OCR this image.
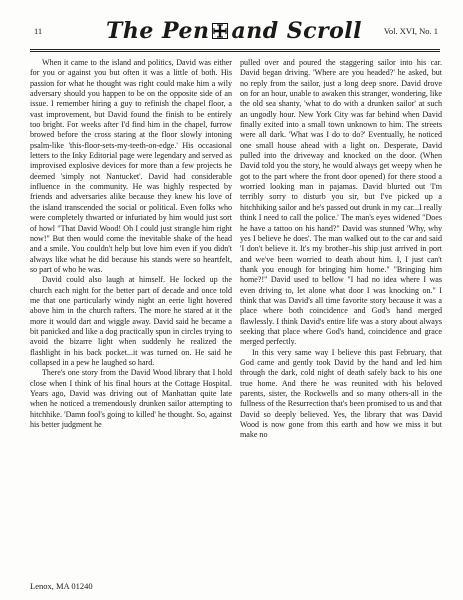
11	The Pen and Scroll	Vol. XVI, No. 1

When it came to the island and politics, David was either for you or against you but often it was a little of both. His passion for what he thought was right could make him a wily adversary should you happen to be on the opposite side of an issue. I remember hiring a guy to refinish the chapel floor, a vast improvement, but David found the finish to be entirely too bright. For weeks after I'd find him in the chapel, furrow browed before the cross staring at the floor slowly intoning psalm-like 'this-floor-sets-my-teeth-on-edge.' His occasional letters to the Inky Editorial page were legendary and served as improvised explosive devices for more than a few projects he deemed 'simply not Nantucket'. David had considerable influence in the community. He was highly respected by friends and adversaries alike because they knew his love of the island transcended the social or political. Even folks who were completely thwarted or infuriated by him would just sort of howl "That David Wood! Oh I could just strangle him right now!" But then would come the inevitable shake of the head and a smile. You couldn't help but love him even if you didn't always like what he did because his stands were so heartfelt, so part of who he was.

David could also laugh at himself. He locked up the church each night for the better part of decade and once told me that one particularly windy night an eerie light hovered above him in the church rafters. The more he stared at it the more it would dart and wiggle away. David said he became a bit panicked and like a dog practically spun in circles trying to avoid the bizarre light when suddenly he realized the flashlight in his back pocket...it was turned on. He said he collapsed in a pew he laughed so hard.

There's one story from the David Wood library that I hold close when I think of his final hours at the Cottage Hospital. Years ago, David was driving out of Manhattan quite late when he noticed a tremendously drunken sailor attempting to hitchhike. 'Damn fool's going to killed' he thought. So, against his better judgment he

pulled over and poured the staggering sailor into his car. David began driving. 'Where are you headed?' he asked, but no reply from the sailor, just a long deep snore. David drove on for an hour, unable to awaken this stranger, wondering, like the old sea shanty, 'what to do with a drunken sailor' at such an ungodly hour. New York City was far behind when David finally exited into a small town unknown to him. The streets were all dark. 'What was I do to do?' Eventually, he noticed one small house ahead with a light on. Desperate, David pulled into the driveway and knocked on the door. (When David told you the story, he would always get weepy when he got to the part where the front door opened) for there stood a worried looking man in pajamas. David blurted out 'I'm terribly sorry to disturb you sir, but I've picked up a hitchhiking sailor and he's passed out drunk in my car...I really think I need to call the police.' The man's eyes widened "Does he have a tattoo on his hand?" David was stunned 'Why, why yes I believe he does'. The man walked out to the car and said 'I don't believe it. It's my brother–his ship just arrived in port and we've been worried to death about him. I, I just can't thank you enough for bringing him home." "Bringing him home?!" David used to bellow "I had no idea where I was even driving to, let alone what door I was knocking on." I think that was David's all time favorite story because it was a place where both coincidence and God's hand merged flawlessly. I think David's entire life was a story about always seeking that place where God's hand, coincidence and grace merged perfectly.

In this very same way I believe this past February, that God came and gently took David by the hand and led him through the dark, cold night of death safely back to his one true home. And there he was reunited with his beloved parents, sister, the Rockwells and so many others-all in the fullness of the Resurrection that's been promised to us and that David so deeply believed. Yes, the library that was David Wood is now gone from this earth and how we miss it but make no

Lenox, MA 01240
